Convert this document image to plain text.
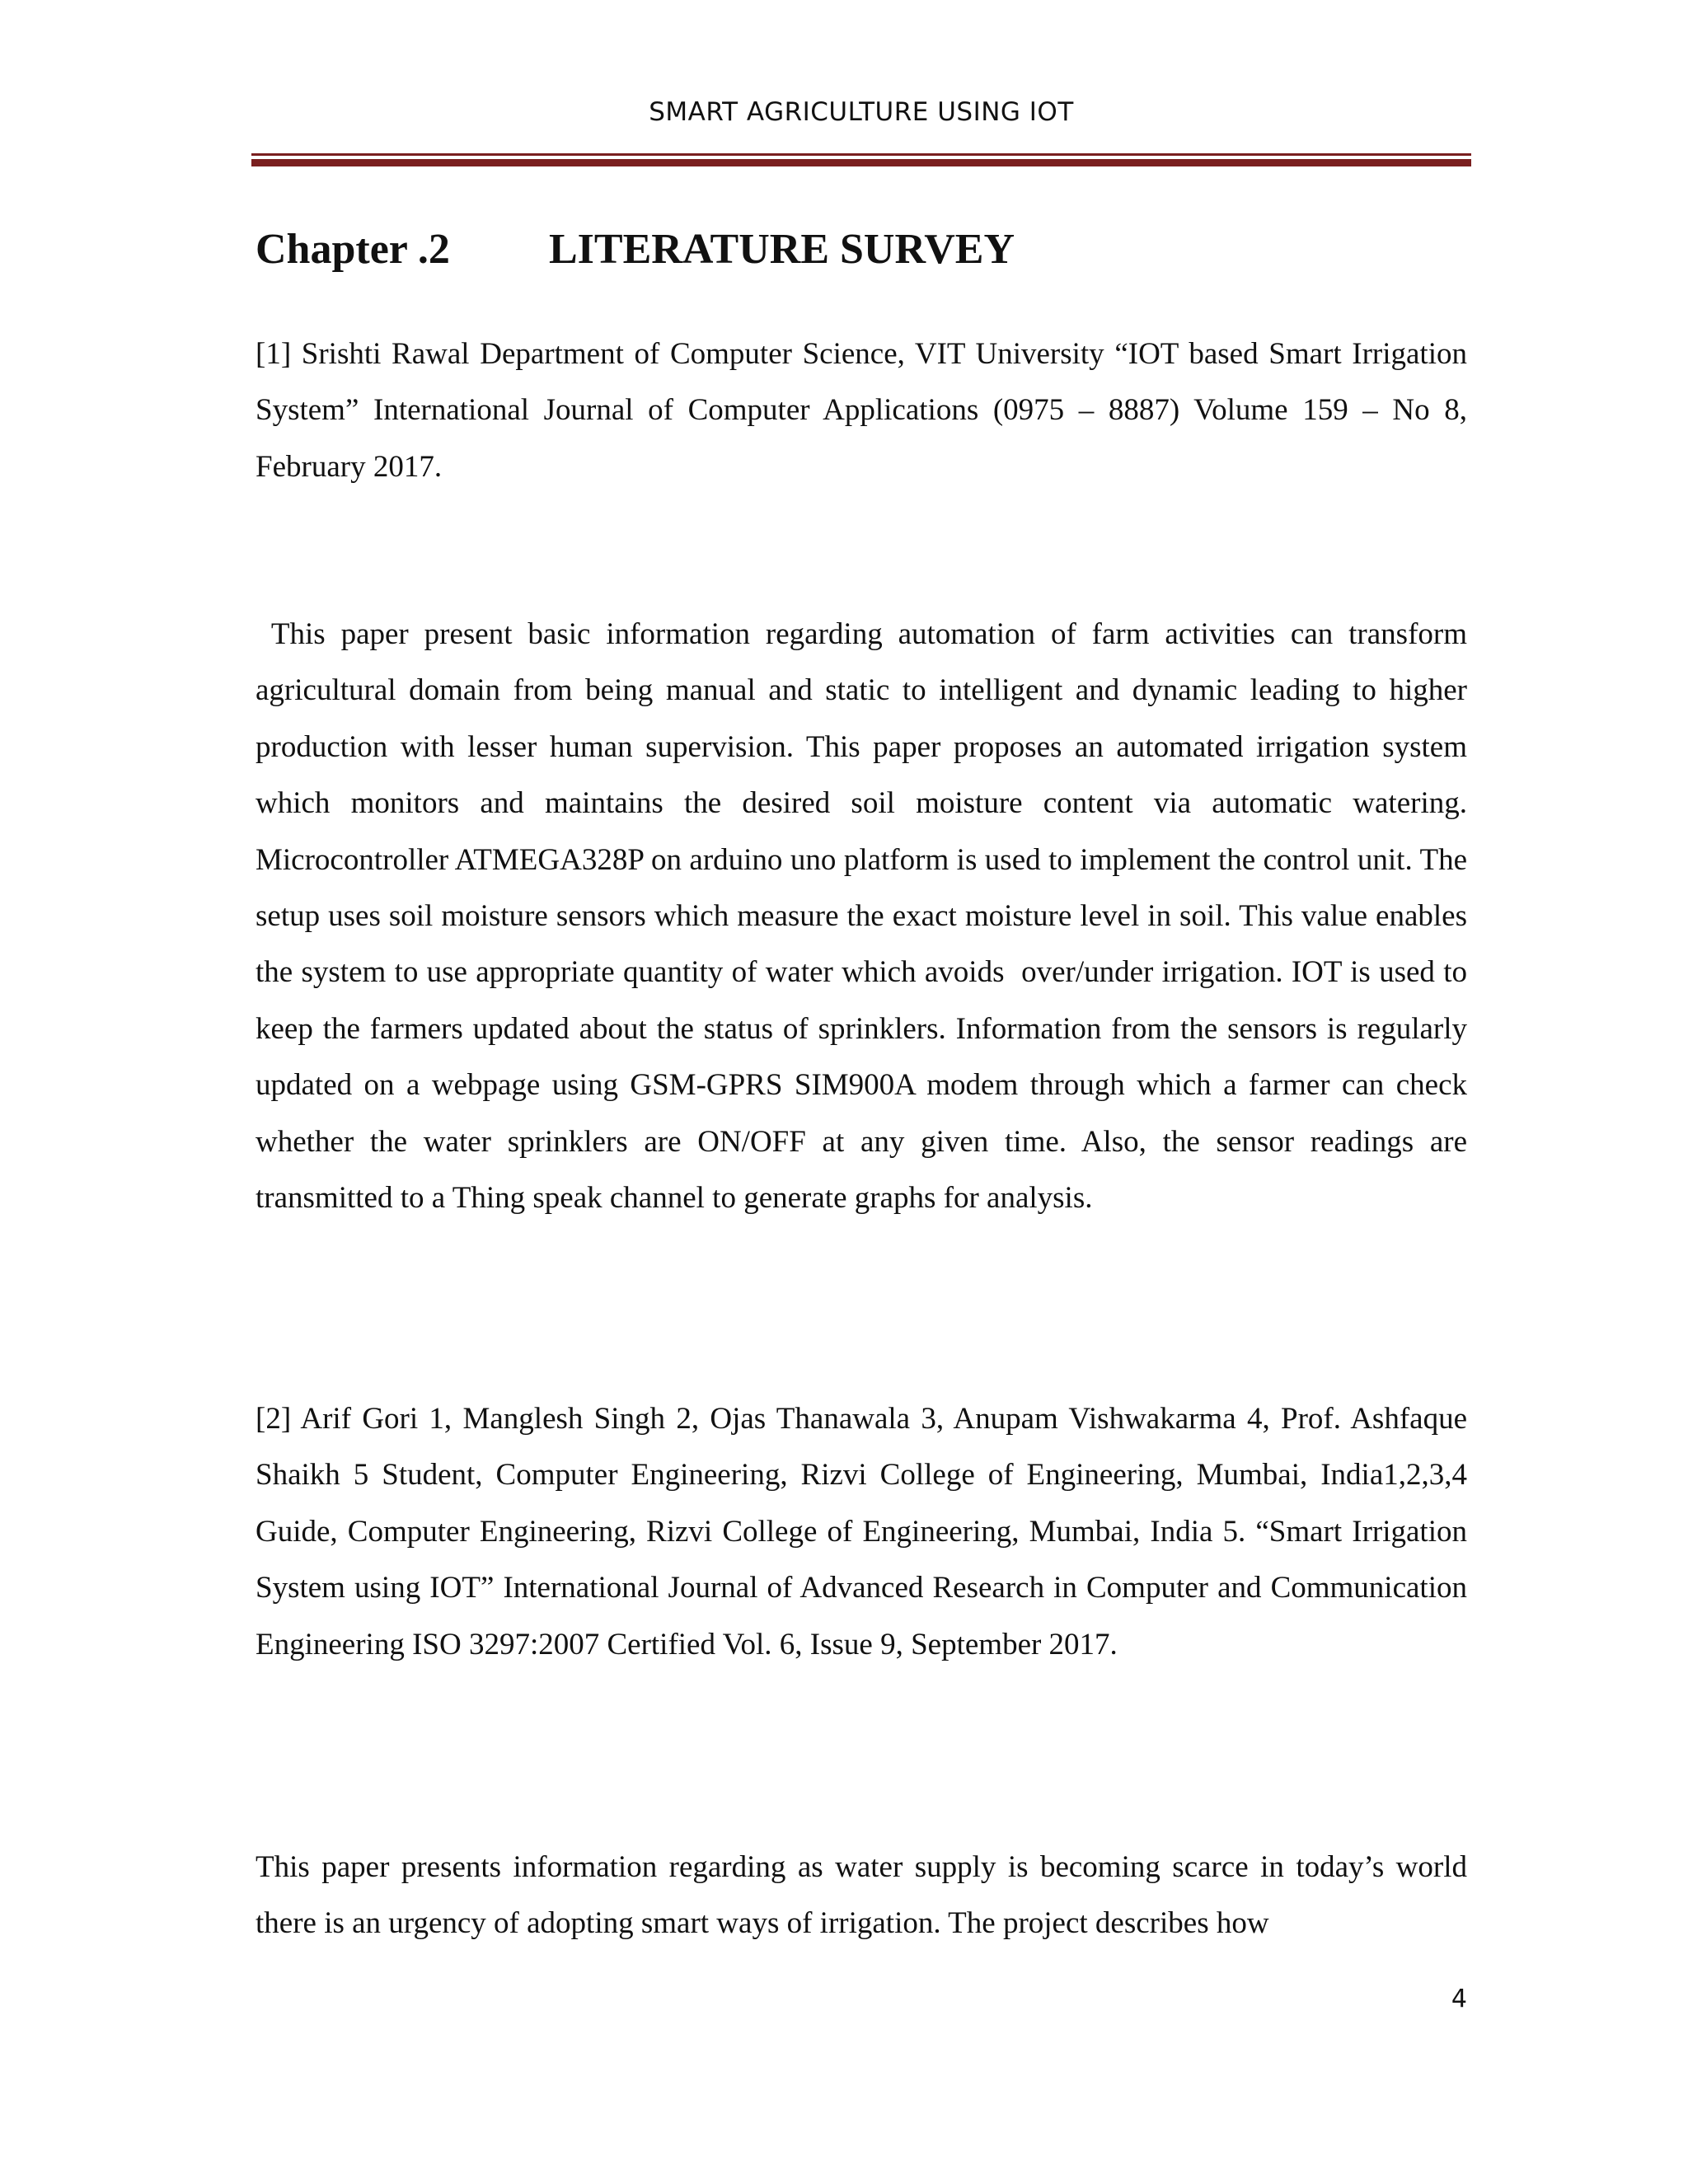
SMART AGRICULTURE USING IOT
Chapter .2 LITERATURE SURVEY

[1] Srishti Rawal Department of Computer Science, VIT University “IOT based Smart Irrigation System” International Journal of Computer Applications (0975 – 8887) Volume 159 – No 8, February 2017.

This paper present basic information regarding automation of farm activities can transform agricultural domain from being manual and static to intelligent and dynamic leading to higher production with lesser human supervision. This paper proposes an automated irrigation system which monitors and maintains the desired soil moisture content via automatic watering. Microcontroller ATMEGA328P on arduino uno platform is used to implement the control unit. The setup uses soil moisture sensors which measure the exact moisture level in soil. This value enables the system to use appropriate quantity of water which avoids  over/under irrigation. IOT is used to keep the farmers updated about the status of sprinklers. Information from the sensors is regularly updated on a webpage using GSM-GPRS SIM900A modem through which a farmer can check whether the water sprinklers are ON/OFF at any given time. Also, the sensor readings are transmitted to a Thing speak channel to generate graphs for analysis.

[2] Arif Gori 1, Manglesh Singh 2, Ojas Thanawala 3, Anupam Vishwakarma 4, Prof. Ashfaque Shaikh 5 Student, Computer Engineering, Rizvi College of Engineering, Mumbai, India1,2,3,4 Guide, Computer Engineering, Rizvi College of Engineering, Mumbai, India 5. “Smart Irrigation System using IOT” International Journal of Advanced Research in Computer and Communication Engineering ISO 3297:2007 Certified Vol. 6, Issue 9, September 2017.

This paper presents information regarding as water supply is becoming scarce in today’s world there is an urgency of adopting smart ways of irrigation. The project describes how

4
